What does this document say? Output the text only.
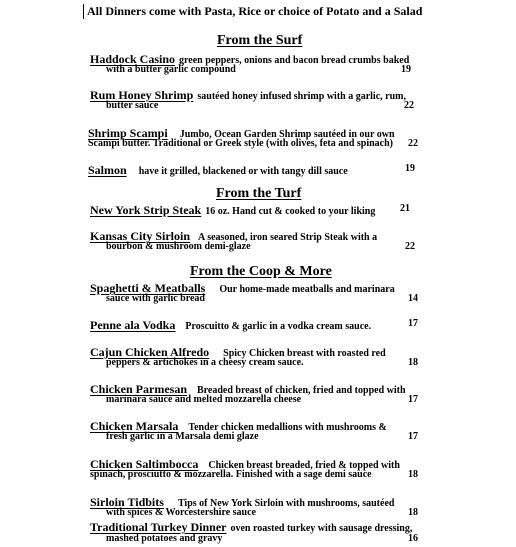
All Dinners come with Pasta, Rice or choice of Potato and a Salad
From the Surf
Haddock Casino green peppers, onions and bacon bread crumbs baked
with a butter garlic compound	19
Rum Honey Shrimp sautéed honey infused shrimp with a garlic, rum,
butter sauce	22
Shrimp Scampi Jumbo, Ocean Garden Shrimp sautéed in our own
Scampi butter. Traditional or Greek style (with olives, feta and spinach)	22
Salmon have it grilled, blackened or with tangy dill sauce	19
From the Turf
New York Strip Steak 16 oz. Hand cut & cooked to your liking	21
Kansas City Sirloin A seasoned, iron seared Strip Steak with a
bourbon & mushroom demi-glaze	22
From the Coop & More
Spaghetti & Meatballs Our home-made meatballs and marinara
sauce with garlic bread	14
Penne ala Vodka Proscuitto & garlic in a vodka cream sauce.	17
Cajun Chicken Alfredo Spicy Chicken breast with roasted red
peppers & artichokes in a cheesy cream sauce.	18
Chicken Parmesan Breaded breast of chicken, fried and topped with
marinara sauce and melted mozzarella cheese	17
Chicken Marsala Tender chicken medallions with mushrooms &
fresh garlic in a Marsala demi glaze	17
Chicken Saltimbocca Chicken breast breaded, fried & topped with
spinach, prosciutto & mozzarella. Finished with a sage demi sauce	18
Sirloin Tidbits Tips of New York Sirloin with mushrooms, sautéed
with spices & Worcestershire sauce	18
Traditional Turkey Dinner oven roasted turkey with sausage dressing,
mashed potatoes and gravy	16
